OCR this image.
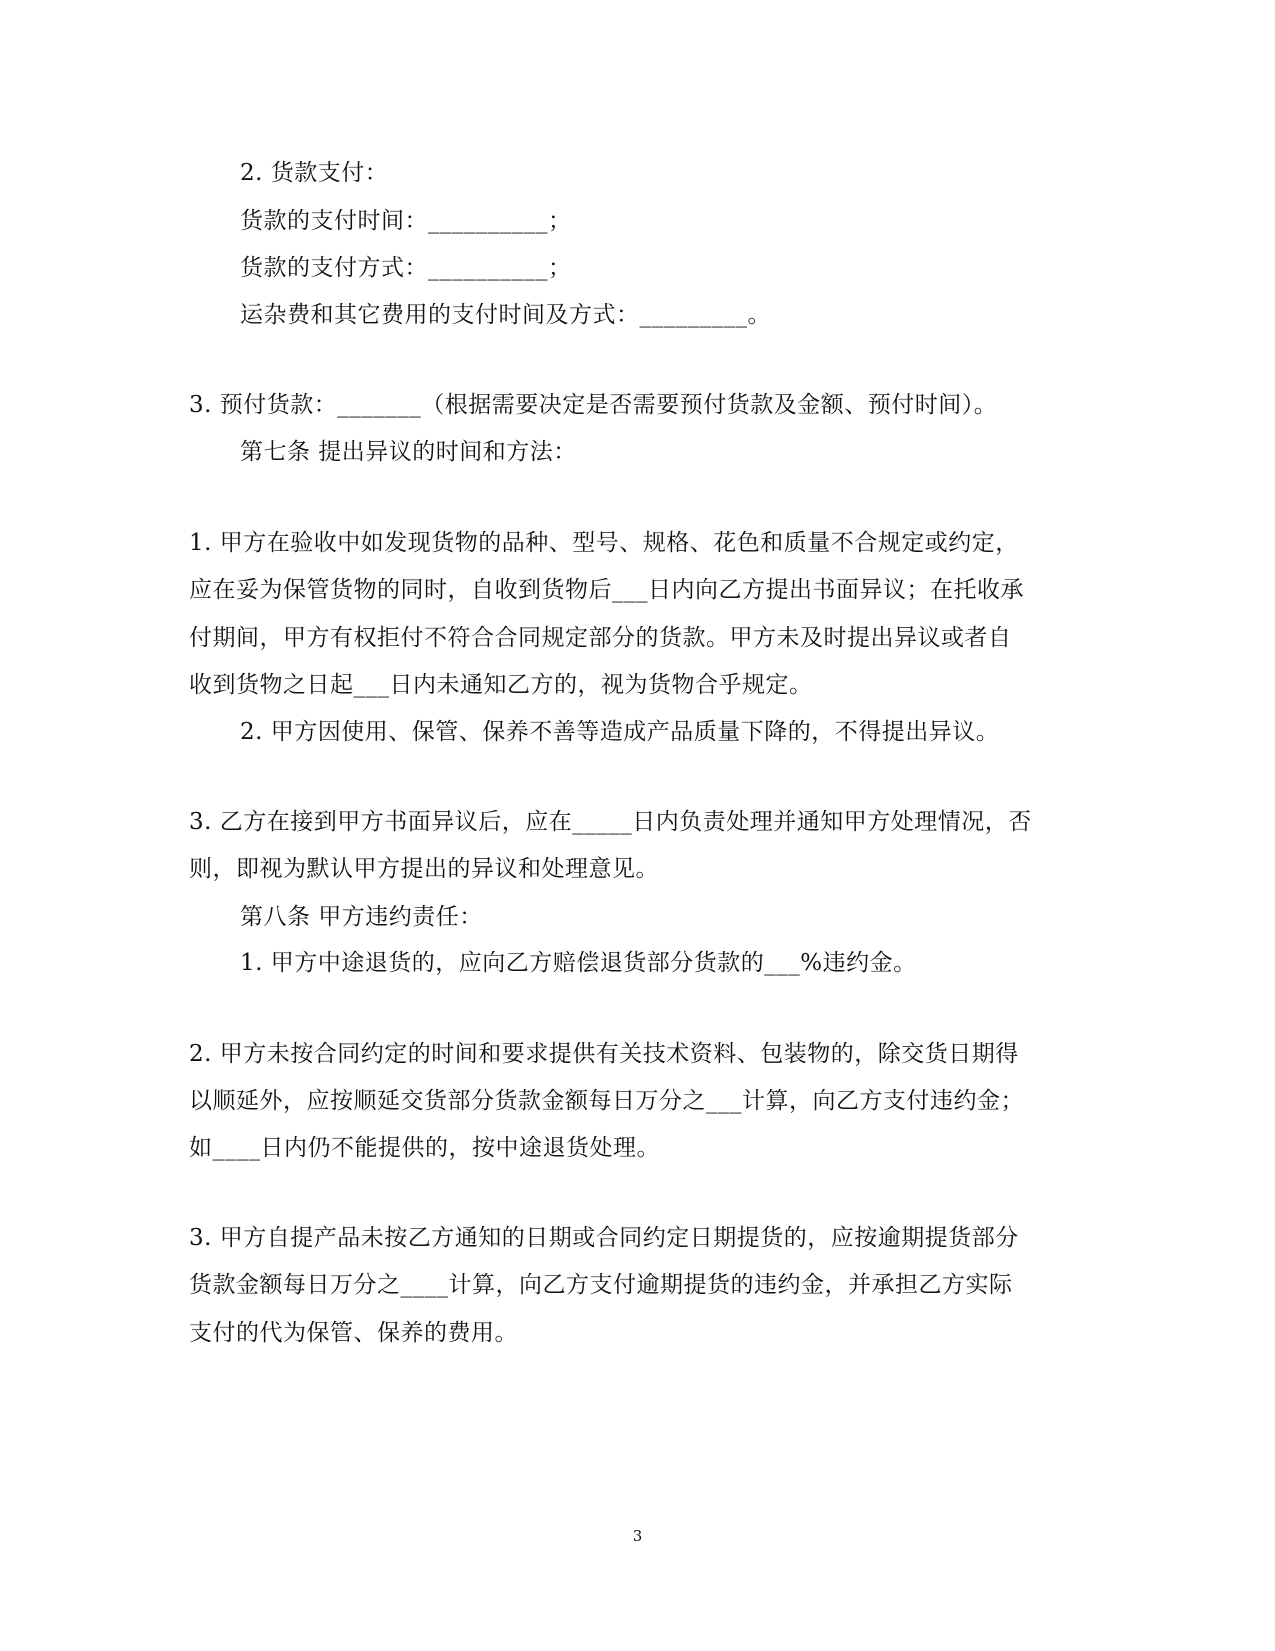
2. 货款支付：
货款的支付时间：__________；
货款的支付方式：__________；
运杂费和其它费用的支付时间及方式：_________。
3. 预付货款：_______（根据需要决定是否需要预付货款及金额、预付时间）。
第七条 提出异议的时间和方法：
1. 甲方在验收中如发现货物的品种、型号、规格、花色和质量不合规定或约定，
应在妥为保管货物的同时，自收到货物后___日内向乙方提出书面异议；在托收承
付期间，甲方有权拒付不符合合同规定部分的货款。甲方未及时提出异议或者自
收到货物之日起___日内未通知乙方的，视为货物合乎规定。
2. 甲方因使用、保管、保养不善等造成产品质量下降的，不得提出异议。
3. 乙方在接到甲方书面异议后，应在_____日内负责处理并通知甲方处理情况，否
则，即视为默认甲方提出的异议和处理意见。
第八条 甲方违约责任：
1. 甲方中途退货的，应向乙方赔偿退货部分货款的___%违约金。
2. 甲方未按合同约定的时间和要求提供有关技术资料、包装物的，除交货日期得
以顺延外，应按顺延交货部分货款金额每日万分之___计算，向乙方支付违约金；
如____日内仍不能提供的，按中途退货处理。
3. 甲方自提产品未按乙方通知的日期或合同约定日期提货的，应按逾期提货部分
货款金额每日万分之____计算，向乙方支付逾期提货的违约金，并承担乙方实际
支付的代为保管、保养的费用。
3
